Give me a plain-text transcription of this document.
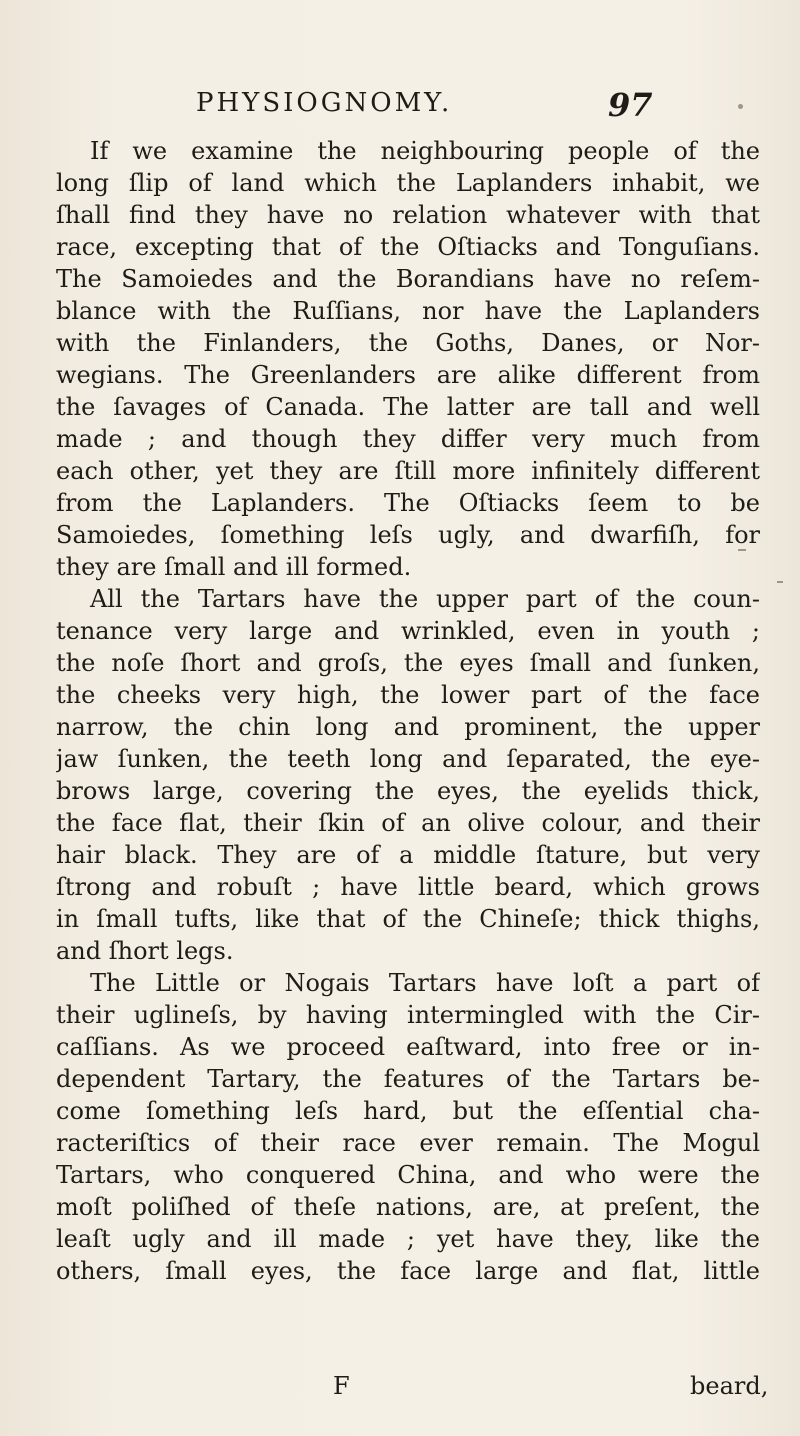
PHYSIOGNOMY.	97
If we examine the neighbouring people of the
long ſlip of land which the Laplanders inhabit, we
ſhall find they have no relation whatever with that
race, excepting that of the Oſtiacks and Tonguſians.
The Samoiedes and the Borandians have no reſem-
blance with the Ruſſians, nor have the Laplanders
with the Finlanders, the Goths, Danes, or Nor-
wegians. The Greenlanders are alike different from
the ſavages of Canada. The latter are tall and well
made ; and though they differ very much from
each other, yet they are ſtill more infinitely different
from the Laplanders. The Oſtiacks ſeem to be
Samoiedes, ſomething leſs ugly, and dwarfiſh, for
they are ſmall and ill formed.
All the Tartars have the upper part of the coun-
tenance very large and wrinkled, even in youth ;
the noſe ſhort and groſs, the eyes ſmall and ſunken,
the cheeks very high, the lower part of the face
narrow, the chin long and prominent, the upper
jaw ſunken, the teeth long and ſeparated, the eye-
brows large, covering the eyes, the eyelids thick,
the face flat, their ſkin of an olive colour, and their
hair black. They are of a middle ſtature, but very
ſtrong and robuſt ; have little beard, which grows
in ſmall tufts, like that of the Chineſe; thick thighs,
and ſhort legs.
The Little or Nogais Tartars have loſt a part of
their uglineſs, by having intermingled with the Cir-
caſſians. As we proceed eaſtward, into free or in-
dependent Tartary, the features of the Tartars be-
come ſomething leſs hard, but the eſſential cha-
racteriſtics of their race ever remain. The Mogul
Tartars, who conquered China, and who were the
moſt poliſhed of theſe nations, are, at preſent, the
leaſt ugly and ill made ; yet have they, like the
others, ſmall eyes, the face large and flat, little
F	beard,
